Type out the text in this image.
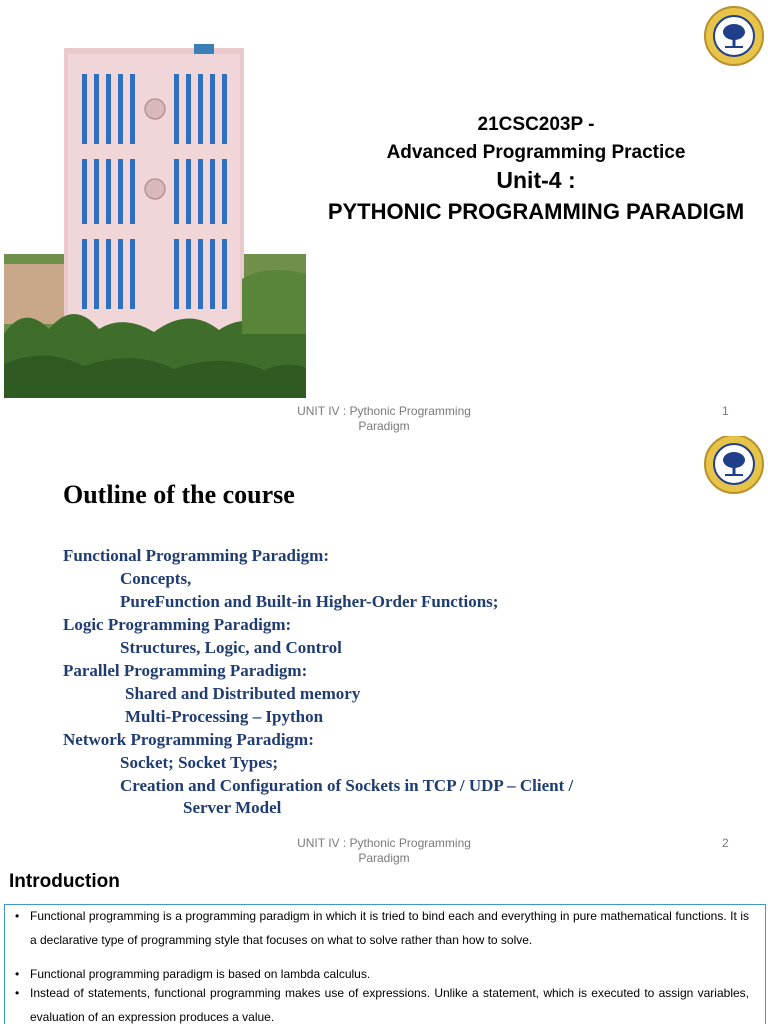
21CSC203P -
Advanced Programming Practice
Unit-4 :
PYTHONIC PROGRAMMING PARADIGM
UNIT IV : Pythonic Programming Paradigm
1
Outline of the course
Functional Programming Paradigm:
Concepts,
PureFunction and Built-in Higher-Order Functions;
Logic Programming Paradigm:
Structures, Logic, and Control
Parallel Programming Paradigm:
Shared and Distributed memory
Multi-Processing – Ipython
Network Programming Paradigm:
Socket; Socket Types;
Creation and Configuration of Sockets in TCP / UDP – Client /
Server Model
UNIT IV : Pythonic Programming Paradigm
2
Introduction
• Functional programming is a programming paradigm in which it is tried to bind each and everything in pure mathematical functions. It is a declarative type of programming style that focuses on what to solve rather than how to solve.
• Functional programming paradigm is based on lambda calculus.
• Instead of statements, functional programming makes use of expressions. Unlike a statement, which is executed to assign variables, evaluation of an expression produces a value.
